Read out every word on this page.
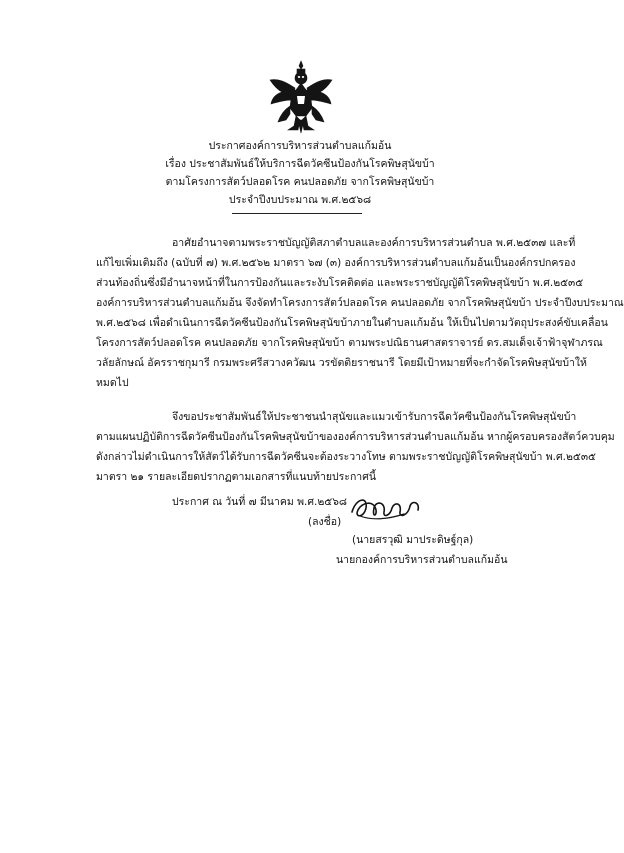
ประกาศองค์การบริหารส่วนตำบลแก้มอ้น
เรื่อง ประชาสัมพันธ์ให้บริการฉีดวัคซีนป้องกันโรคพิษสุนัขบ้า
ตามโครงการสัตว์ปลอดโรค คนปลอดภัย จากโรคพิษสุนัขบ้า
ประจำปีงบประมาณ พ.ศ.๒๕๖๘
อาศัยอำนาจตามพระราชบัญญัติสภาตำบลและองค์การบริหารส่วนตำบล พ.ศ.๒๕๓๗ และที่
แก้ไขเพิ่มเติมถึง (ฉบับที่ ๗) พ.ศ.๒๕๖๒ มาตรา ๖๗ (๓) องค์การบริหารส่วนตำบลแก้มอ้นเป็นองค์กรปกครอง
ส่วนท้องถิ่นซึ่งมีอำนาจหน้าที่ในการป้องกันและระงับโรคติดต่อ และพระราชบัญญัติโรคพิษสุนัขบ้า พ.ศ.๒๕๓๕
องค์การบริหารส่วนตำบลแก้มอ้น จึงจัดทำโครงการสัตว์ปลอดโรค คนปลอดภัย จากโรคพิษสุนัขบ้า ประจำปีงบประมาณ
พ.ศ.๒๕๖๘ เพื่อดำเนินการฉีดวัคซีนป้องกันโรคพิษสุนัขบ้าภายในตำบลแก้มอ้น ให้เป็นไปตามวัตถุประสงค์ขับเคลื่อน
โครงการสัตว์ปลอดโรค คนปลอดภัย จากโรคพิษสุนัขบ้า ตามพระปณิธานศาสตราจารย์ ดร.สมเด็จเจ้าฟ้าจุฬาภรณ
วลัยลักษณ์ อัครราชกุมารี กรมพระศรีสวางควัฒน วรขัตติยราชนารี โดยมีเป้าหมายที่จะกำจัดโรคพิษสุนัขบ้าให้
หมดไป
จึงขอประชาสัมพันธ์ให้ประชาชนนำสุนัขและแมวเข้ารับการฉีดวัคซีนป้องกันโรคพิษสุนัขบ้า
ตามแผนปฏิบัติการฉีดวัคซีนป้องกันโรคพิษสุนัขบ้าขององค์การบริหารส่วนตำบลแก้มอ้น หากผู้ครอบครองสัตว์ควบคุม
ดังกล่าวไม่ดำเนินการให้สัตว์ได้รับการฉีดวัคซีนจะต้องระวางโทษ ตามพระราชบัญญัติโรคพิษสุนัขบ้า พ.ศ.๒๕๓๕
มาตรา ๒๑ รายละเอียดปรากฏตามเอกสารที่แนบท้ายประกาศนี้
ประกาศ ณ วันที่ ๗ มีนาคม พ.ศ.๒๕๖๘
(ลงชื่อ)
(นายสรวุฒิ มาประดิษฐ์กุล)
นายกองค์การบริหารส่วนตำบลแก้มอ้น
